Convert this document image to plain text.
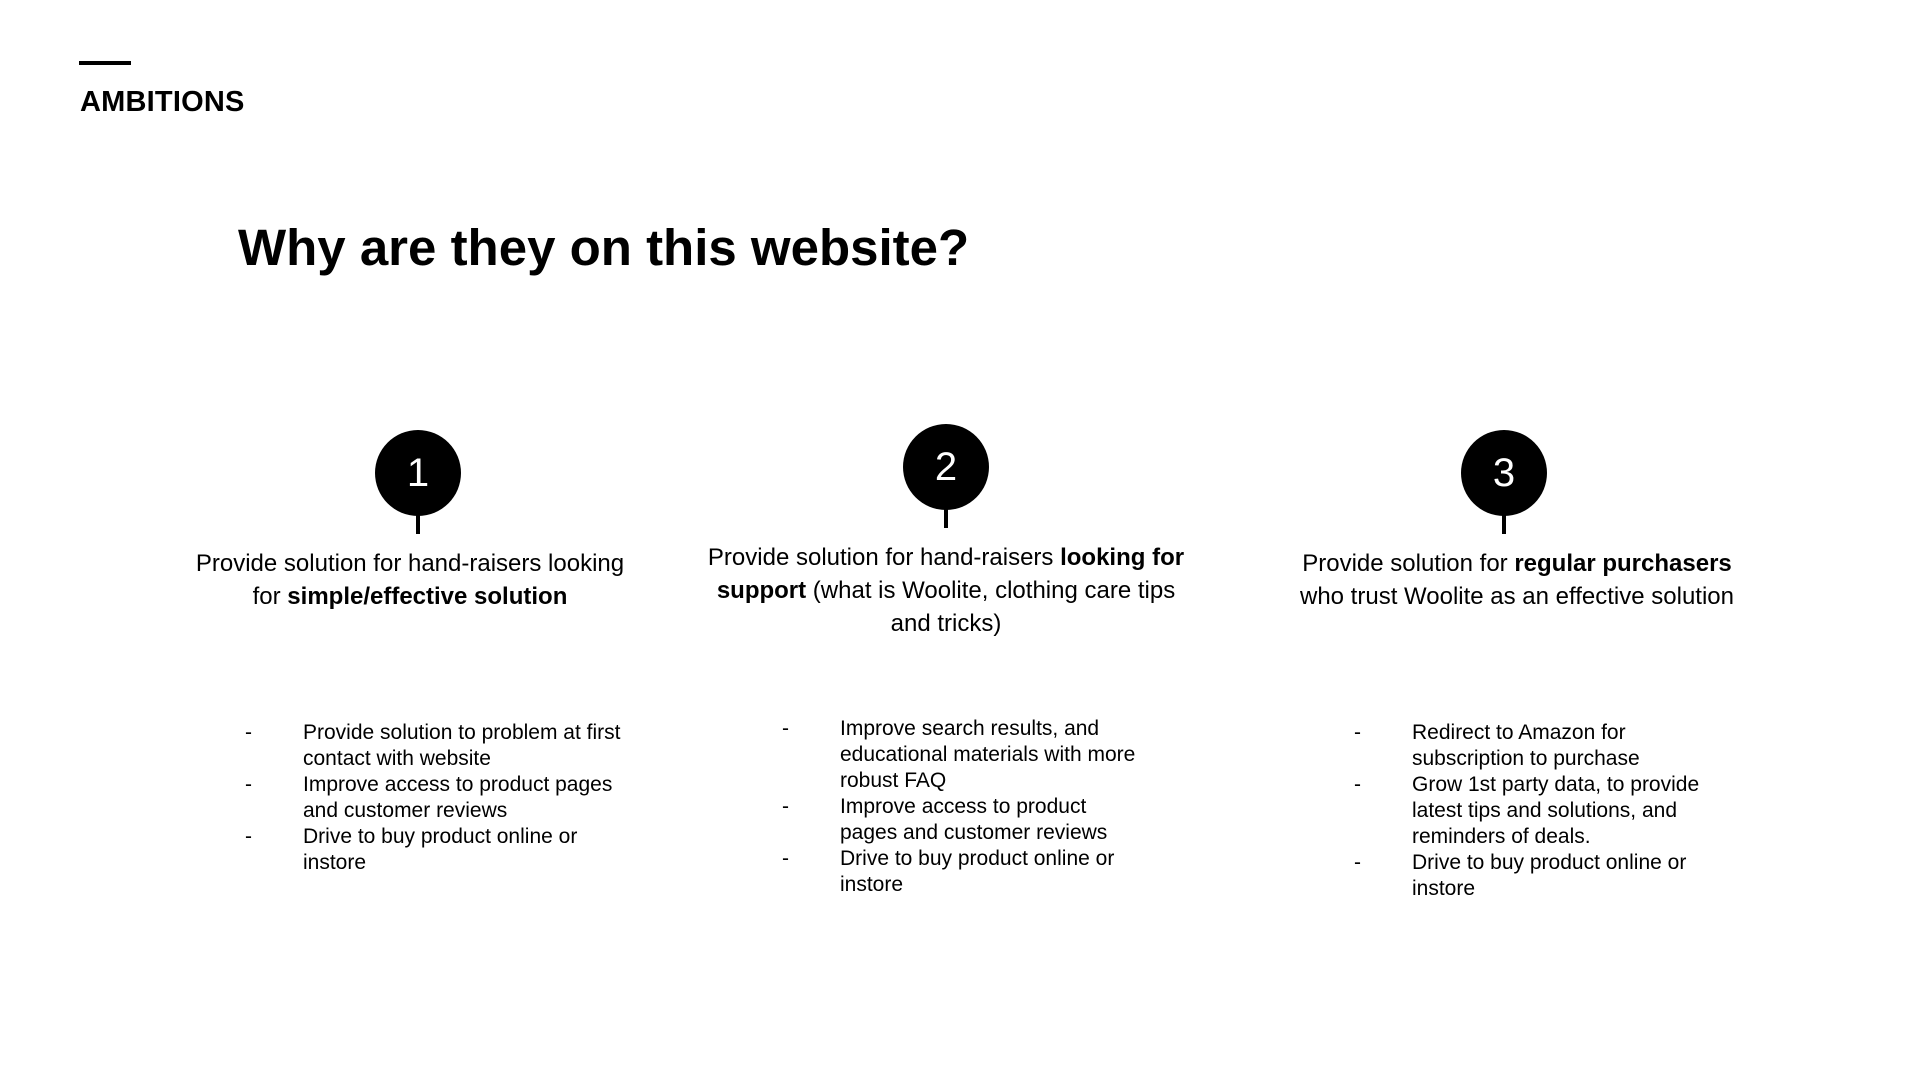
AMBITIONS
Why are they on this website?
1
Provide solution for hand-raisers looking for simple/effective solution
- Provide solution to problem at first contact with website
- Improve access to product pages and customer reviews
- Drive to buy product online or instore
2
Provide solution for hand-raisers looking for support (what is Woolite, clothing care tips and tricks)
- Improve search results, and educational materials with more robust FAQ
- Improve access to product pages and customer reviews
- Drive to buy product online or instore
3
Provide solution for regular purchasers who trust Woolite as an effective solution
- Redirect to Amazon for subscription to purchase
- Grow 1st party data, to provide latest tips and solutions, and reminders of deals.
- Drive to buy product online or instore
